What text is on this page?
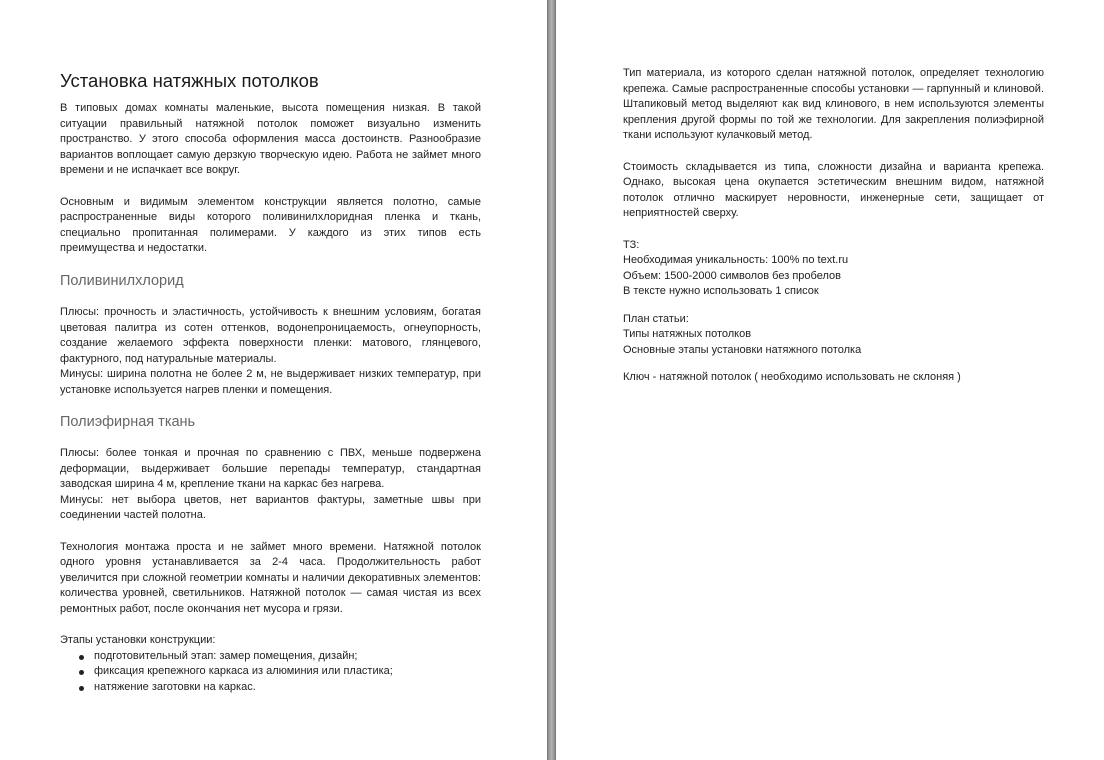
Установка натяжных потолков

В типовых домах комнаты маленькие, высота помещения низкая. В такой ситуации правильный натяжной потолок поможет визуально изменить пространство. У этого способа оформления масса достоинств. Разнообразие вариантов воплощает самую дерзкую творческую идею. Работа не займет много времени и не испачкает все вокруг.

Основным и видимым элементом конструкции является полотно, самые распространенные виды которого поливинилхлоридная пленка и ткань, специально пропитанная полимерами. У каждого из этих типов есть преимущества и недостатки.

Поливинилхлорид

Плюсы: прочность и эластичность, устойчивость к внешним условиям, богатая цветовая палитра из сотен оттенков, водонепроницаемость, огнеупорность, создание желаемого эффекта поверхности пленки: матового, глянцевого, фактурного, под натуральные материалы.

Минусы: ширина полотна не более 2 м, не выдерживает низких температур, при установке используется нагрев пленки и помещения.

Полиэфирная ткань

Плюсы: более тонкая и прочная по сравнению с ПВХ, меньше подвержена деформации, выдерживает большие перепады температур, стандартная заводская ширина 4 м, крепление ткани на каркас без нагрева.

Минусы: нет выбора цветов, нет вариантов фактуры, заметные швы при соединении частей полотна.

Технология монтажа проста и не займет много времени. Натяжной потолок одного уровня устанавливается за 2-4 часа. Продолжительность работ увеличится при сложной геометрии комнаты и наличии декоративных элементов: количества уровней, светильников. Натяжной потолок — самая чистая из всех ремонтных работ, после окончания нет мусора и грязи.

Этапы установки конструкции:

подготовительный этап: замер помещения, дизайн;
фиксация крепежного каркаса из алюминия или пластика;
натяжение заготовки на каркас.

Тип материала, из которого сделан натяжной потолок, определяет технологию крепежа. Самые распространенные способы установки — гарпунный и клиновой. Штапиковый метод выделяют как вид клинового, в нем используются элементы крепления другой формы по той же технологии. Для закрепления полиэфирной ткани используют кулачковый метод.

Стоимость складывается из типа, сложности дизайна и варианта крепежа. Однако, высокая цена окупается эстетическим внешним видом, натяжной потолок отлично маскирует неровности, инженерные сети, защищает от неприятностей сверху.

ТЗ:
Необходимая уникальность: 100% по text.ru
Объем: 1500-2000 символов без пробелов
В тексте нужно использовать 1 список
План статьи:
Типы натяжных потолков
Основные этапы установки натяжного потолка
Ключ - натяжной потолок ( необходимо использовать не склоняя )
